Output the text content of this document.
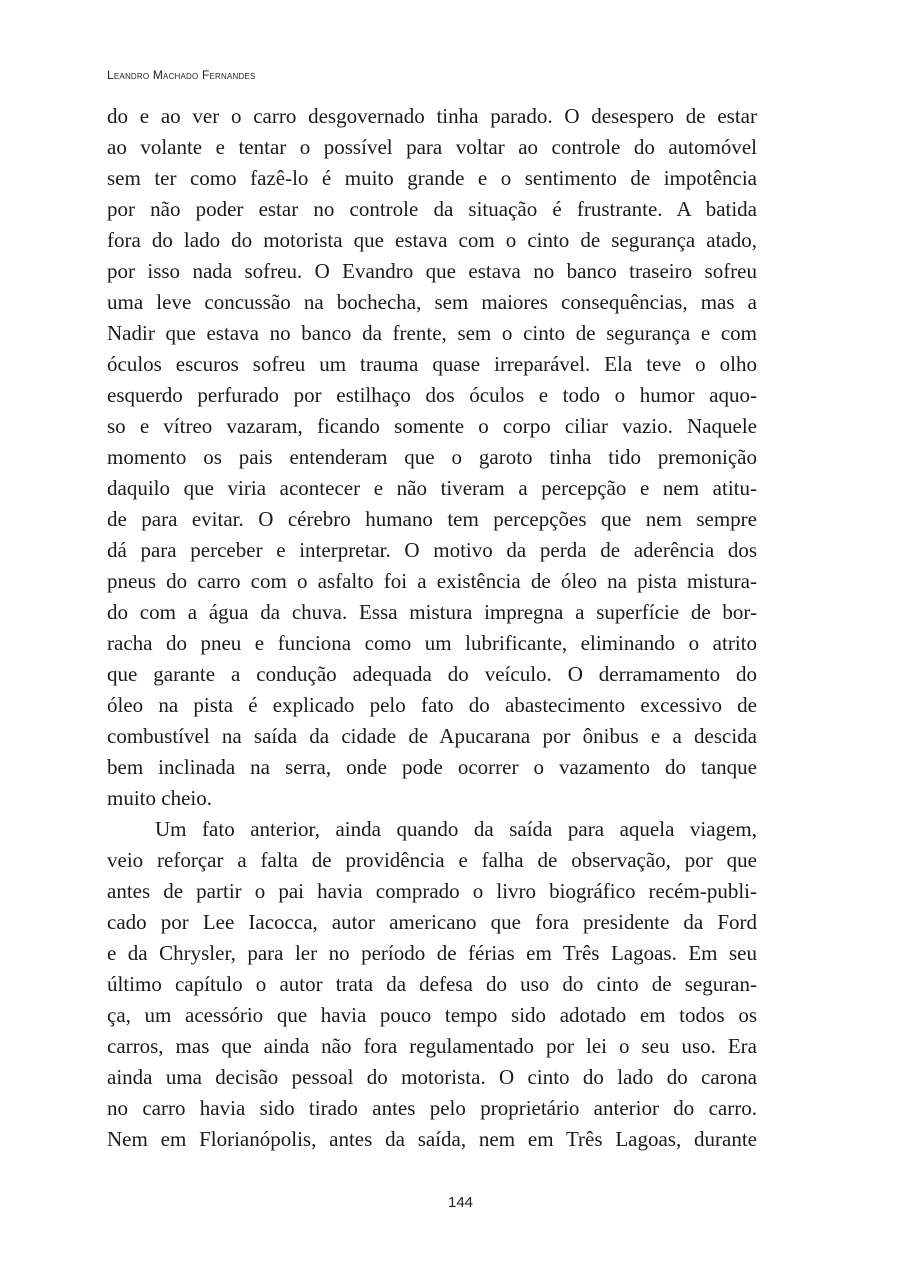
Leandro Machado Fernandes
do e ao ver o carro desgovernado tinha parado. O desespero de estar
ao volante e tentar o possível para voltar ao controle do automóvel
sem ter como fazê-lo é muito grande e o sentimento de impotência
por não poder estar no controle da situação é frustrante. A batida
fora do lado do motorista que estava com o cinto de segurança atado,
por isso nada sofreu. O Evandro que estava no banco traseiro sofreu
uma leve concussão na bochecha, sem maiores consequências, mas a
Nadir que estava no banco da frente, sem o cinto de segurança e com
óculos escuros sofreu um trauma quase irreparável. Ela teve o olho
esquerdo perfurado por estilhaço dos óculos e todo o humor aquo-
so e vítreo vazaram, ficando somente o corpo ciliar vazio. Naquele
momento os pais entenderam que o garoto tinha tido premonição
daquilo que viria acontecer e não tiveram a percepção e nem atitu-
de para evitar. O cérebro humano tem percepções que nem sempre
dá para perceber e interpretar. O motivo da perda de aderência dos
pneus do carro com o asfalto foi a existência de óleo na pista mistura-
do com a água da chuva. Essa mistura impregna a superfície de bor-
racha do pneu e funciona como um lubrificante, eliminando o atrito
que garante a condução adequada do veículo. O derramamento do
óleo na pista é explicado pelo fato do abastecimento excessivo de
combustível na saída da cidade de Apucarana por ônibus e a descida
bem inclinada na serra, onde pode ocorrer o vazamento do tanque
muito cheio.
Um fato anterior, ainda quando da saída para aquela viagem,
veio reforçar a falta de providência e falha de observação, por que
antes de partir o pai havia comprado o livro biográfico recém-publi-
cado por Lee Iacocca, autor americano que fora presidente da Ford
e da Chrysler, para ler no período de férias em Três Lagoas. Em seu
último capítulo o autor trata da defesa do uso do cinto de seguran-
ça, um acessório que havia pouco tempo sido adotado em todos os
carros, mas que ainda não fora regulamentado por lei o seu uso. Era
ainda uma decisão pessoal do motorista. O cinto do lado do carona
no carro havia sido tirado antes pelo proprietário anterior do carro.
Nem em Florianópolis, antes da saída, nem em Três Lagoas, durante
144
